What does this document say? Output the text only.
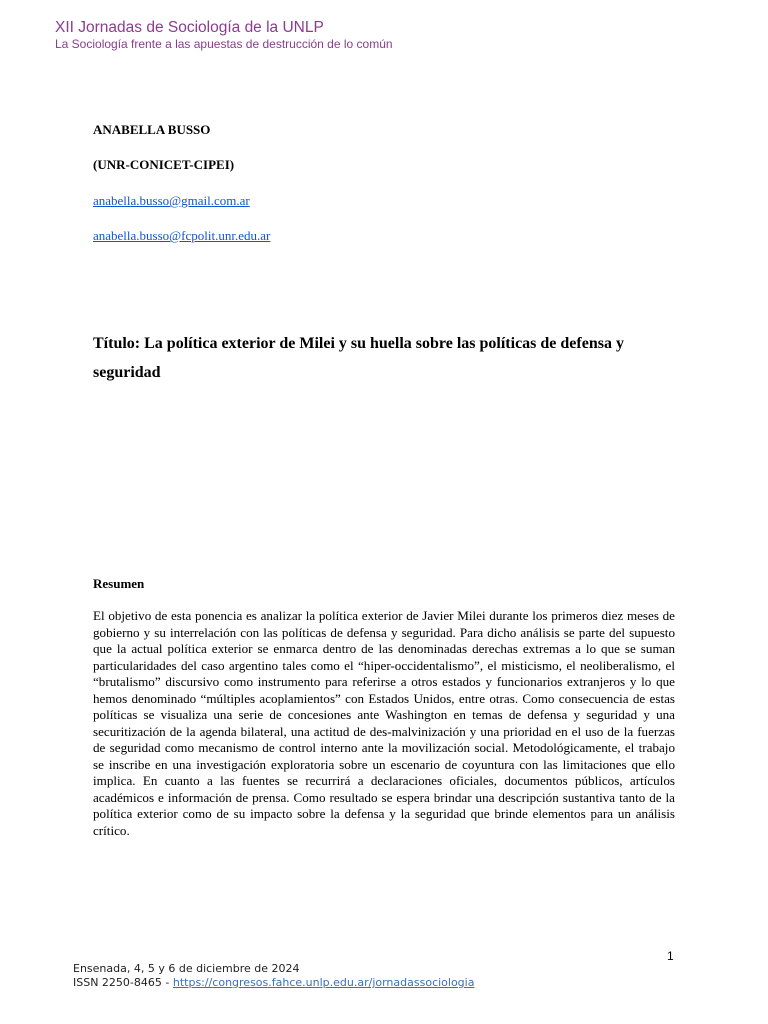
XII Jornadas de Sociología de la UNLP
La Sociología frente a las apuestas de destrucción de lo común
ANABELLA BUSSO
(UNR-CONICET-CIPEI)
anabella.busso@gmail.com.ar
anabella.busso@fcpolit.unr.edu.ar
Título: La política exterior de Milei y su huella sobre las políticas de defensa y seguridad
Resumen
El objetivo de esta ponencia es analizar la política exterior de Javier Milei durante los primeros diez meses de gobierno y su interrelación con las políticas de defensa y seguridad. Para dicho análisis se parte del supuesto que la actual política exterior se enmarca dentro de las denominadas derechas extremas a lo que se suman particularidades del caso argentino tales como el “hiper-occidentalismo”, el misticismo, el neoliberalismo, el “brutalismo” discursivo como instrumento para referirse a otros estados y funcionarios extranjeros y lo que hemos denominado “múltiples acoplamientos” con Estados Unidos, entre otras. Como consecuencia de estas políticas se visualiza una serie de concesiones ante Washington en temas de defensa y seguridad y una securitización de la agenda bilateral, una actitud de des-malvinización y una prioridad en el uso de la fuerzas de seguridad como mecanismo de control interno ante la movilización social. Metodológicamente, el trabajo se inscribe en una investigación exploratoria sobre un escenario de coyuntura con las limitaciones que ello implica. En cuanto a las fuentes se recurrirá a declaraciones oficiales, documentos públicos, artículos académicos e información de prensa. Como resultado se espera brindar una descripción sustantiva tanto de la política exterior como de su impacto sobre la defensa y la seguridad que brinde elementos para un análisis crítico.
1
Ensenada, 4, 5 y 6 de diciembre de 2024
ISSN 2250-8465 - https://congresos.fahce.unlp.edu.ar/jornadassociologia
